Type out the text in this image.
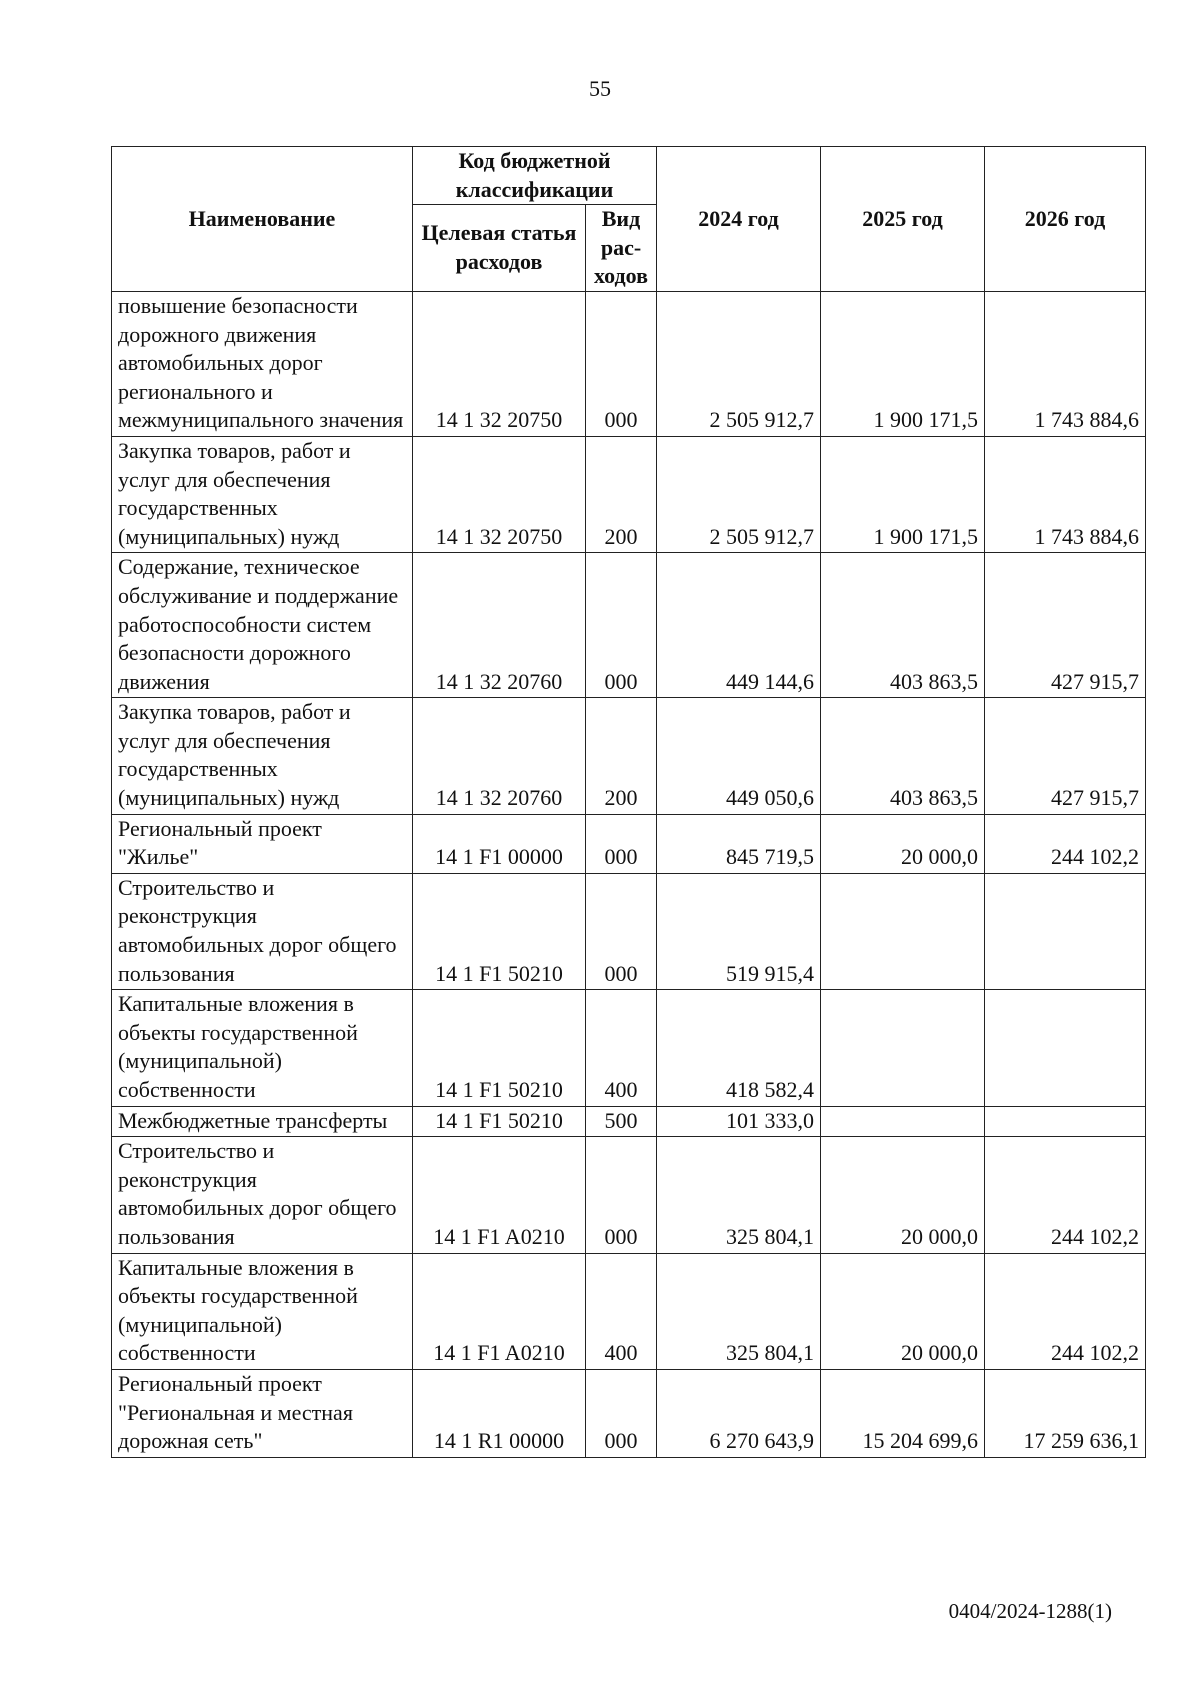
55
Наименование	Код бюджетной классификации		2024 год	2025 год	2026 год
	Целевая статья расходов	Вид рас- ходов			
повышение безопасности дорожного движения автомобильных дорог регионального и межмуниципального значения	14 1 32 20750	000	2 505 912,7	1 900 171,5	1 743 884,6
Закупка товаров, работ и услуг для обеспечения государственных (муниципальных) нужд	14 1 32 20750	200	2 505 912,7	1 900 171,5	1 743 884,6
Содержание, техническое обслуживание и поддержание работоспособности систем безопасности дорожного движения	14 1 32 20760	000	449 144,6	403 863,5	427 915,7
Закупка товаров, работ и услуг для обеспечения государственных (муниципальных) нужд	14 1 32 20760	200	449 050,6	403 863,5	427 915,7
Региональный проект "Жилье"	14 1 F1 00000	000	845 719,5	20 000,0	244 102,2
Строительство и реконструкция автомобильных дорог общего пользования	14 1 F1 50210	000	519 915,4		
Капитальные вложения в объекты государственной (муниципальной) собственности	14 1 F1 50210	400	418 582,4		
Межбюджетные трансферты	14 1 F1 50210	500	101 333,0		
Строительство и реконструкция автомобильных дорог общего пользования	14 1 F1 A0210	000	325 804,1	20 000,0	244 102,2
Капитальные вложения в объекты государственной (муниципальной) собственности	14 1 F1 A0210	400	325 804,1	20 000,0	244 102,2
Региональный проект "Региональная и местная дорожная сеть"	14 1 R1 00000	000	6 270 643,9	15 204 699,6	17 259 636,1
0404/2024-1288(1)
